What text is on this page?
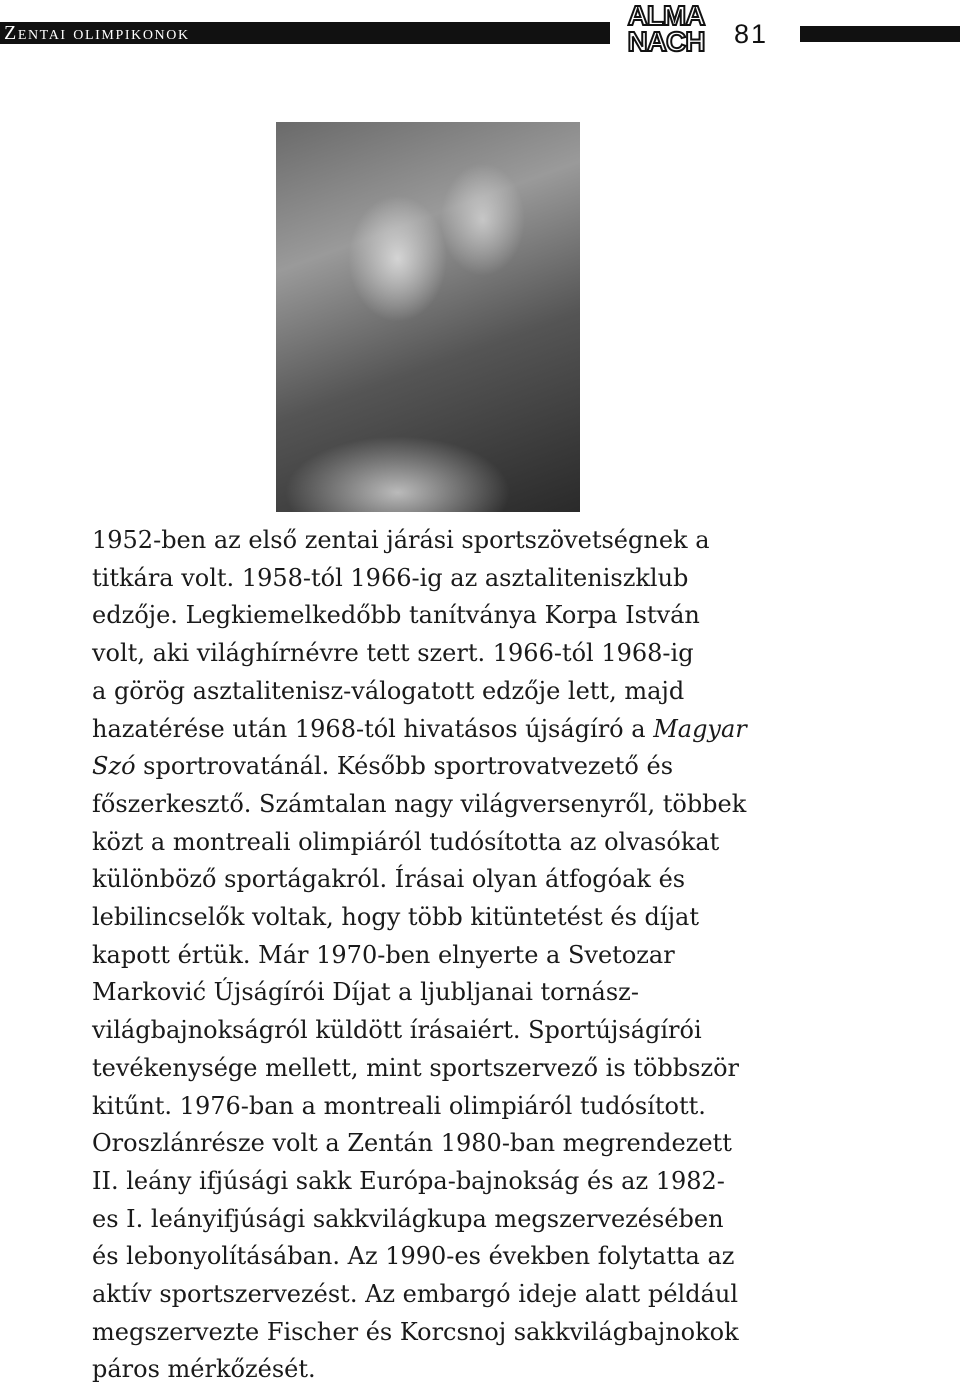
Zentai olimpikonok
ALMA
NACH 81
1952-ben az első zentai járási sportszövetségnek a
titkára volt. 1958-tól 1966-ig az asztaliteniszklub
edzője. Legkiemelkedőbb tanítványa Korpa István
volt, aki világhírnévre tett szert. 1966-tól 1968-ig
a görög asztalitenisz-válogatott edzője lett, majd
hazatérése után 1968-tól hivatásos újságíró a Magyar
Szó sportrovatánál. Később sportrovatvezető és
főszerkesztő. Számtalan nagy világversenyről, többek
közt a montreali olimpiáról tudósította az olvasókat
különböző sportágakról. Írásai olyan átfogóak és
lebilincselők voltak, hogy több kitüntetést és díjat
kapott értük. Már 1970-ben elnyerte a Svetozar
Marković Újságírói Díjat a ljubljanai tornász-
világbajnokságról küldött írásaiért. Sportújságírói
tevékenysége mellett, mint sportszervező is többször
kitűnt. 1976-ban a montreali olimpiáról tudósított.
Oroszlánrésze volt a Zentán 1980-ban megrendezett
II. leány ifjúsági sakk Európa-bajnokság és az 1982-
es I. leányifjúsági sakkvilágkupa megszervezésében
és lebonyolításában. Az 1990-es években folytatta az
aktív sportszervezést. Az embargó ideje alatt például
megszervezte Fischer és Korcsnoj sakkvilágbajnokok
páros mérkőzését.
